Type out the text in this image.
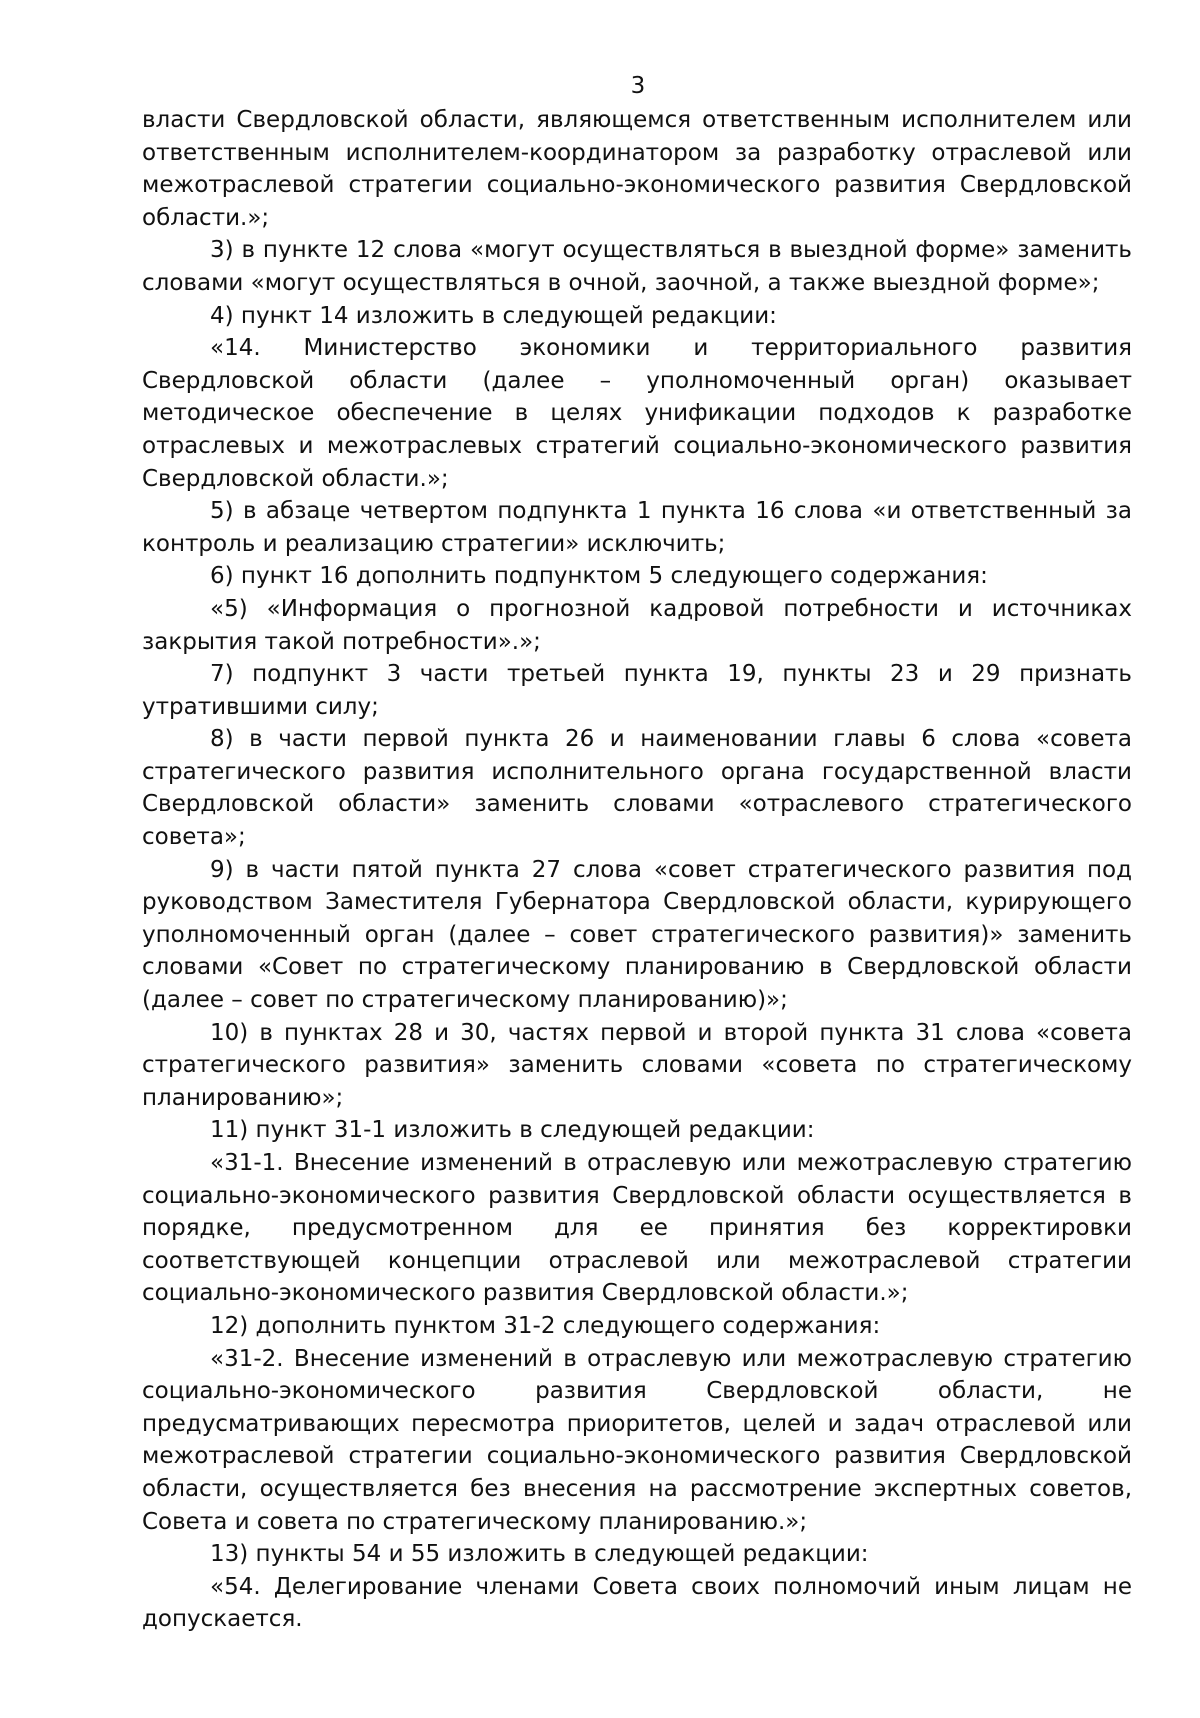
3

власти Свердловской области, являющемся ответственным исполнителем или ответственным исполнителем-координатором за разработку отраслевой или межотраслевой стратегии социально-экономического развития Свердловской области.»;

3) в пункте 12 слова «могут осуществляться в выездной форме» заменить словами «могут осуществляться в очной, заочной, а также выездной форме»;

4) пункт 14 изложить в следующей редакции:

«14. Министерство экономики и территориального развития Свердловской области (далее – уполномоченный орган) оказывает методическое обеспечение в целях унификации подходов к разработке отраслевых и межотраслевых стратегий социально-экономического развития Свердловской области.»;

5) в абзаце четвертом подпункта 1 пункта 16 слова «и ответственный за контроль и реализацию стратегии» исключить;

6) пункт 16 дополнить подпунктом 5 следующего содержания:

«5) «Информация о прогнозной кадровой потребности и источниках закрытия такой потребности».»;

7) подпункт 3 части третьей пункта 19, пункты 23 и 29 признать утратившими силу;

8) в части первой пункта 26 и наименовании главы 6 слова «совета стратегического развития исполнительного органа государственной власти Свердловской области» заменить словами «отраслевого стратегического совета»;

9) в части пятой пункта 27 слова «совет стратегического развития под руководством Заместителя Губернатора Свердловской области, курирующего уполномоченный орган (далее – совет стратегического развития)» заменить словами «Совет по стратегическому планированию в Свердловской области (далее – совет по стратегическому планированию)»;

10) в пунктах 28 и 30, частях первой и второй пункта 31 слова «совета стратегического развития» заменить словами «совета по стратегическому планированию»;

11) пункт 31-1 изложить в следующей редакции:

«31-1. Внесение изменений в отраслевую или межотраслевую стратегию социально-экономического развития Свердловской области осуществляется в порядке, предусмотренном для ее принятия без корректировки соответствующей концепции отраслевой или межотраслевой стратегии социально-экономического развития Свердловской области.»;

12) дополнить пунктом 31-2 следующего содержания:

«31-2. Внесение изменений в отраслевую или межотраслевую стратегию социально-экономического развития Свердловской области, не предусматривающих пересмотра приоритетов, целей и задач отраслевой или межотраслевой стратегии социально-экономического развития Свердловской области, осуществляется без внесения на рассмотрение экспертных советов, Совета и совета по стратегическому планированию.»;

13) пункты 54 и 55 изложить в следующей редакции:

«54. Делегирование членами Совета своих полномочий иным лицам не допускается.
